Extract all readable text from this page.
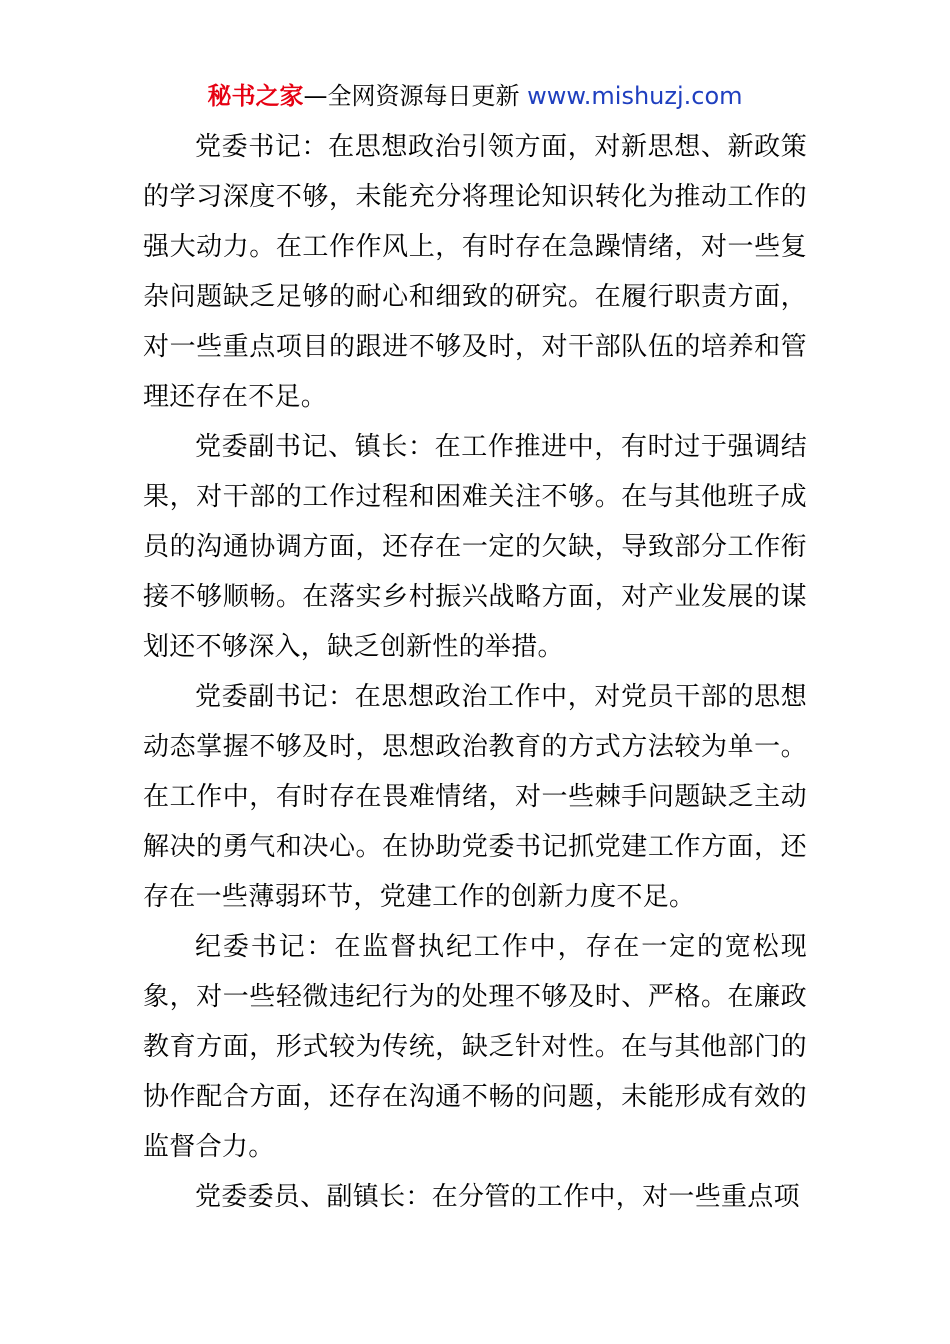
秘书之家—全网资源每日更新 www.mishuzj.com

党委书记：在思想政治引领方面，对新思想、新政策的学习深度不够，未能充分将理论知识转化为推动工作的强大动力。在工作作风上，有时存在急躁情绪，对一些复杂问题缺乏足够的耐心和细致的研究。在履行职责方面，对一些重点项目的跟进不够及时，对干部队伍的培养和管理还存在不足。

党委副书记、镇长：在工作推进中，有时过于强调结果，对干部的工作过程和困难关注不够。在与其他班子成员的沟通协调方面，还存在一定的欠缺，导致部分工作衔接不够顺畅。在落实乡村振兴战略方面，对产业发展的谋划还不够深入，缺乏创新性的举措。

党委副书记：在思想政治工作中，对党员干部的思想动态掌握不够及时，思想政治教育的方式方法较为单一。在工作中，有时存在畏难情绪，对一些棘手问题缺乏主动解决的勇气和决心。在协助党委书记抓党建工作方面，还存在一些薄弱环节，党建工作的创新力度不足。

纪委书记：在监督执纪工作中，存在一定的宽松现象，对一些轻微违纪行为的处理不够及时、严格。在廉政教育方面，形式较为传统，缺乏针对性。在与其他部门的协作配合方面，还存在沟通不畅的问题，未能形成有效的监督合力。

党委委员、副镇长：在分管的工作中，对一些重点项
